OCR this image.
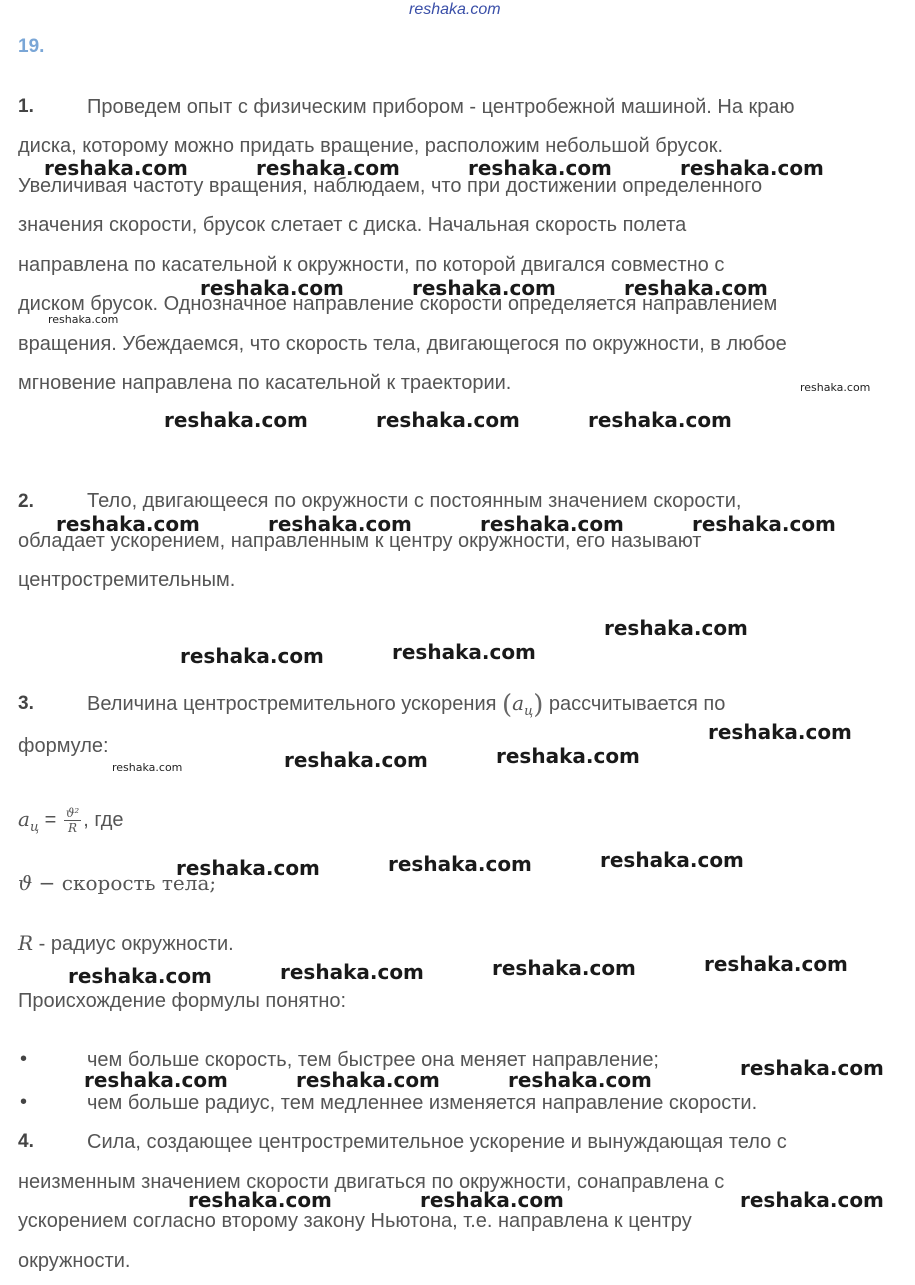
reshaka.com
19.
1.	Проведем опыт с физическим прибором - центробежной машиной. На краю
диска, которому можно придать вращение, расположим небольшой брусок.
Увеличивая частоту вращения, наблюдаем, что при достижении определенного
значения скорости, брусок слетает с диска. Начальная скорость полета
направлена по касательной к окружности, по которой двигался совместно с
диском брусок. Однозначное направление скорости определяется направлением
вращения. Убеждаемся, что скорость тела, двигающегося по окружности, в любое
мгновение направлена по касательной к траектории.
2.	Тело, двигающееся по окружности с постоянным значением скорости,
обладает ускорением, направленным к центру окружности, его называют
центростремительным.
3.	Величина центростремительного ускорения $(a_ц)$ рассчитывается по
формуле:
$a_ц = \frac{\text{ϑ²}}{R}$ , где
ϑ − скорость тела;
R - радиус окружности.
Происхождение формулы понятно:
•	чем больше скорость, тем быстрее она меняет направление;
•	чем больше радиус, тем медленнее изменяется направление скорости.
4.	Сила, создающее центростремительное ускорение и вынуждающая тело с
неизменным значением скорости двигаться по окружности, сонаправлена с
ускорением согласно второму закону Ньютона, т.е. направлена к центру
окружности.
reshaka.com	reshaka.com	reshaka.com	reshaka.com
reshaka.com	reshaka.com	reshaka.com
reshaka.com
reshaka.com
reshaka.com	reshaka.com	reshaka.com
reshaka.com	reshaka.com	reshaka.com	reshaka.com
reshaka.com
reshaka.com
reshaka.com
reshaka.com
reshaka.com
reshaka.com
reshaka.com
reshaka.com
reshaka.com
reshaka.com
reshaka.com
reshaka.com
reshaka.com
reshaka.com
reshaka.com
reshaka.com	reshaka.com	reshaka.com
reshaka.com	reshaka.com	reshaka.com
